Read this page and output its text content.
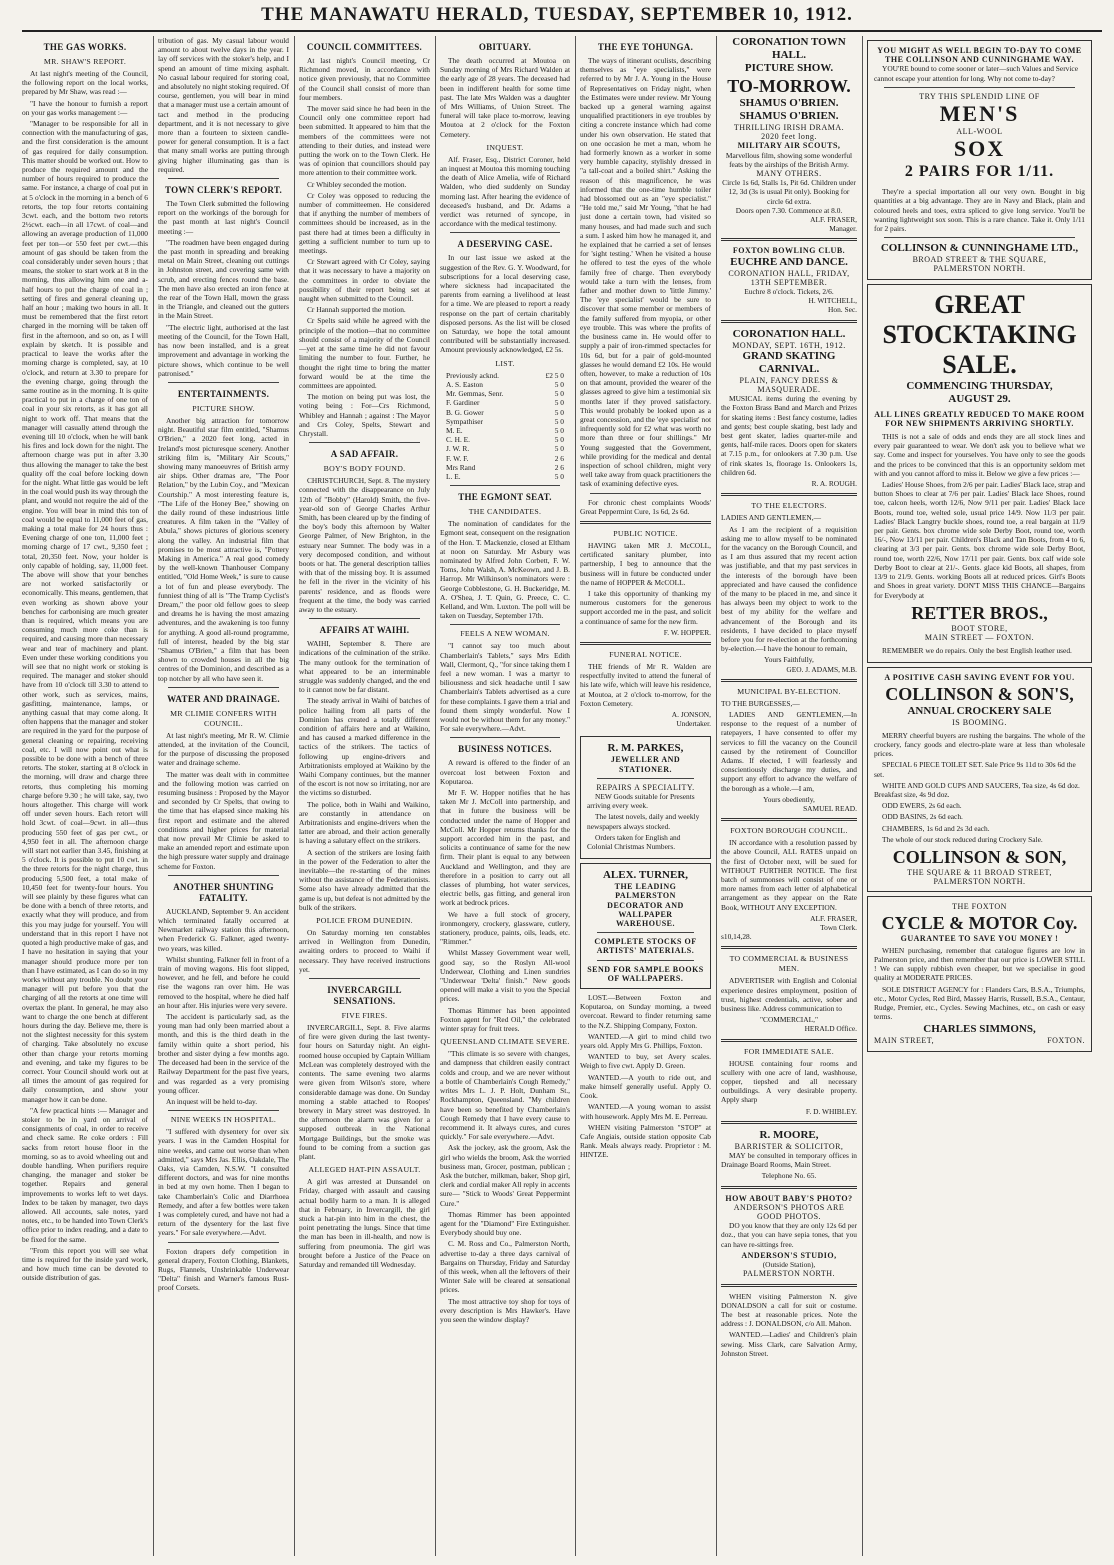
THE MANAWATU HERALD, TUESDAY, SEPTEMBER 10, 1912.
THE GAS WORKS.
MR. SHAW'S REPORT.

At last night's meeting of the Council, the following report on the local works, prepared by Mr Shaw, was read :—

"I have the honour to furnish a report on your gas works management :—

"Manager to be responsible for all in connection with the manufacturing of gas, and the first consideration is the amount of gas required for daily consumption. This matter should be worked out. How to produce the required amount and the number of hours required to produce the same. For instance, a charge of coal put in at 5 o'clock in the morning in a bench of 6 retorts, the top four retorts containing 3cwt. each, and the bottom two retorts 2½cwt. each—in all 17cwt. of coal—and allowing an average production of 11,000 feet per ton—or 550 feet per cwt.—this amount of gas should be taken from the coal considerably under seven hours ; that means, the stoker to start work at 8 in the morning, thus allowing him one and a-half hours to put the charge of coal in ; setting of fires and general cleaning up, half an hour ; making two hours in all. It must be remembered that the first retort charged in the morning will be taken off first in the afternoon, and so on, as I will explain by sketch. It is possible and practical to leave the works after the morning charge is completed, say, at 10 o'clock, and return at 3.30 to prepare for the evening charge, going through the same routine as in the morning. It is quite practical to put in a charge of one ton of coal in your six retorts, as it has got all night to work off. That means that the manager will casually attend through the evening till 10 o'clock, when he will bank his fires and lock down for the night. The afternoon charge was put in after 3.30 thus allowing the manager to take the best quality off the coal before locking down for the night. What little gas would be left in the coal would push its way through the plant, and would not require the aid of the engine. You will bear in mind this ton of coal would be equal to 11,000 feet of gas, making a total make for 24 hours thus : Evening charge of one ton, 11,000 feet ; morning charge of 17 cwt., 9,350 feet ; total, 20,350 feet. Now, your holder is only capable of holding, say, 11,000 feet. The above will show that your benches are not worked satisfactorily or economically. This means, gentlemen, that even working as shown above your benches for carbonising are much greater than is required, which means you are consuming much more coke than is required, and causing more than necessary wear and tear of machinery and plant. Even under these working conditions you will see that no night work or stoking is required. The manager and stoker should have from 10 o'clock till 3.30 to attend to other work, such as services, mains, gasfitting, maintenance, lamps, or anything casual that may come along. It often happens that the manager and stoker are required in the yard for the purpose of general cleaning or repairing, receiving coal, etc. I will now point out what is possible to be done with a bench of three retorts. The stoker, starting at 8 o'clock in the morning, will draw and charge three retorts, thus completing his morning charge before 9.30 ; he will take, say, two hours altogether. This charge will work off under seven hours. Each retort will hold 3cwt. of coal—9cwt. in all—thus producing 550 feet of gas per cwt., or 4,950 feet in all. The afternoon charge will start not earlier than 3.45, finishing at 5 o'clock. It is possible to put 10 cwt. in the three retorts for the night charge, thus producing 5,500 feet, a total make of 10,450 feet for twenty-four hours. You will see plainly by these figures what can be done with a bench of three retorts, and exactly what they will produce, and from this you may judge for yourself. You will understand that in this report I have not quoted a high productive make of gas, and I have no hesitation in saying that your manager should produce more per ton than I have estimated, as I can do so in my works without any trouble. No doubt your manager will put before you that the charging of all the retorts at one time will overtax the plant. In general, he may also want to charge the one bench at different hours during the day. Believe me, there is not the slightest necessity for this system of charging. Take absolutely no excuse other than charge your retorts morning and evening, and take my figures to be correct. Your Council should work out at all times the amount of gas required for daily consumption, and show your manager how it can be done.

"A few practical hints :— Manager and stoker to be in yard on arrival of consignments of coal, in order to receive and check same. Re coke orders : Fill sacks from retort house floor in the morning, so as to avoid wheeling out and double handling. When purifiers require changing, the manager and stoker be together. Repairs and general improvements to works left to wet days. Index to be taken by manager, two days allowed. All accounts, sale notes, yard notes, etc., to be handed into Town Clerk's office prior to index reading, and a date to be fixed for the same.

"From this report you will see what time is required for the inside yard work, and how much time can be devoted to outside distribution of gas.

tribution of gas. My casual labour would amount to about twelve days in the year. I lay off services with the stoker's help, and I spend an amount of time mixing asphalt. No casual labour required for storing coal, and absolutely no night stoking required. Of course, gentlemen, you will bear in mind that a manager must use a certain amount of tact and method in the producing department, and it is not necessary to give more than a fourteen to sixteen candle-power for general consumption. It is a fact that many small works are putting through giving higher illuminating gas than is required.

TOWN CLERK'S REPORT.

The Town Clerk submitted the following report on the workings of the borough for the past month at last night's Council meeting :—

"The roadmen have been engaged during the past month in spreading and breaking metal on Main Street, cleaning out cuttings in Johnston street, and covering same with scrub, and erecting fences round the base. The men have also erected an iron fence at the rear of the Town Hall, mown the grass in the Triangle, and cleaned out the gutters in the Main Street.

"The electric light, authorised at the last meeting of the Council, for the Town Hall, has now been installed, and is a great improvement and advantage in working the picture shows, which continue to be well patronised."

ENTERTAINMENTS.
PICTURE SHOW.

Another big attraction for tomorrow night. Beautiful star film entitled, "Shamus O'Brien," a 2020 feet long, acted in Ireland's most picturesque scenery. Another striking film is, "Military Air Scouts," showing many manoeuvres of British army air ships. Other dramas are, "The Poor Relation," by the Lubin Coy., and "Mexican Courtship." A most interesting feature is, "The Life of the Honey Bee," showing on the daily round of these industrious little creatures. A film taken in the "Valley of Abula," shows pictures of glorious scenery along the valley. An industrial film that promises to be most attractive is, "Pottery Making in America." A real good comedy by the well-known Thanhouser Company entitled, "Old Home Week," is sure to cause a lot of fun and please everybody. The funniest thing of all is "The Tramp Cyclist's Dream," the poor old fellow goes to sleep and dreams he is having the most amazing adventures, and the awakening is too funny for anything. A good all-round programme, full of interest, headed by the big star "Shamus O'Brien," a film that has been shown to crowded houses in all the big centres of the Dominion, and described as a top notcher by all who have seen it.

WATER AND DRAINAGE.
MR CLIMIE CONFERS WITH COUNCIL.

At last night's meeting, Mr R. W. Climie attended, at the invitation of the Council, for the purpose of discussing the proposed water and drainage scheme.

The matter was dealt with in committee and the following motion was carried on resuming business : Proposed by the Mayor and seconded by Cr Spelts, that owing to the time that has elapsed since making his first report and estimate and the altered conditions and higher prices for material that now prevail Mr Climie be asked to make an amended report and estimate upon the high pressure water supply and drainage scheme for Foxton.

ANOTHER SHUNTING FATALITY.

AUCKLAND, September 9. An accident which terminated fatally occurred at Newmarket railway station this afternoon, when Frederick G. Falkner, aged twenty-two years, was killed.

Whilst shunting, Falkner fell in front of a train of moving wagons. His foot slipped, however, and he fell, and before he could rise the wagons ran over him. He was removed to the hospital, where he died half an hour after. His injuries were very severe.

The accident is particularly sad, as the young man had only been married about a month, and this is the third death in the family within quite a short period, his brother and sister dying a few months ago. The deceased had been in the service of the Railway Department for the past five years, and was regarded as a very promising young officer.

An inquest will be held to-day.

NINE WEEKS IN HOSPITAL.

"I suffered with dysentery for over six years. I was in the Camden Hospital for nine weeks, and came out worse than when admitted," says Mrs Jas. Ellis, Oakdale, The Oaks, via Camden, N.S.W. "I consulted different doctors, and was for nine months in bed at my own home. Then I began to take Chamberlain's Colic and Diarrhoea Remedy, and after a few bottles were taken I was completely cured, and have not had a return of the dysentery for the last five years." For sale everywhere.—Advt.

Foxton drapers defy competition in general drapery, Foxton Clothing, Blankets, Rugs, Flannels, Unshrinkable Underwear "Delta" finish and Warner's famous Rust-proof Corsets.

COUNCIL COMMITTEES.

At last night's Council meeting, Cr Richmond moved, in accordance with notice given previously, that no Committee of the Council shall consist of more than four members.

The mover said since he had been in the Council only one committee report had been submitted. It appeared to him that the members of the committees were not attending to their duties, and instead were putting the work on to the Town Clerk. He was of opinion that councillors should pay more attention to their committee work.

Cr Whibley seconded the motion.

Cr Coley was opposed to reducing the number of committeemen. He considered that if anything the number of members of committees should be increased, as in the past there had at times been a difficulty in getting a sufficient number to turn up to meetings.

Cr Stewart agreed with Cr Coley, saying that it was necessary to have a majority on the committees in order to obviate the possibility of their report being set at naught when submitted to the Council.

Cr Hannah supported the motion.

Cr Spelts said while he agreed with the principle of the motion—that no committee should consist of a majority of the Council—yet at the same time he did not favour limiting the number to four. Further, he thought the right time to bring the matter forward would be at the time the committees are appointed.

The motion on being put was lost, the voting being : For—Crs Richmond, Whibley and Hannah ; against : The Mayor and Crs Coley, Spelts, Stewart and Chrystall.

A SAD AFFAIR.
BOY'S BODY FOUND.

CHRISTCHURCH, Sept. 8. The mystery connected with the disappearance on July 12th of "Bobby" (Harold) Smith, the five-year-old son of George Charles Arthur Smith, has been cleared up by the finding of the boy's body this afternoon by Walter George Palmer, of New Brighton, in the estuary near Sumner. The body was in a very decomposed condition, and without boots or hat. The general description tallies with that of the missing boy. It is assumed he fell in the river in the vicinity of his parents' residence, and as floods were frequent at the time, the body was carried away to the estuary.

AFFAIRS AT WAIHI.

WAIHI, September 8. There are indications of the culmination of the strike. The many outlook for the termination of what appeared to be an interminable struggle was suddenly changed, and the end to it cannot now be far distant.

The steady arrival in Waihi of batches of police hailing from all parts of the Dominion has created a totally different condition of affairs here and at Waikino, and has caused a marked difference in the tactics of the strikers. The tactics of following up engine-drivers and Arbitrationists employed at Waikino by the Waihi Company continues, but the manner of the escort is not now so irritating, nor are the victims so disturbed.

The police, both in Waihi and Waikino, are constantly in attendance on Arbitrationists and engine-drivers when the latter are abroad, and their action generally is having a salutary effect on the strikers.

A section of the strikers are losing faith in the power of the Federation to alter the inevitable—the re-starting of the mines without the assistance of the Federationists. Some also have already admitted that the game is up, but defeat is not admitted by the bulk of the strikers.

POLICE FROM DUNEDIN.

On Saturday morning ten constables arrived in Wellington from Dunedin, awaiting orders to proceed to Waihi if necessary. They have received instructions yet.

INVERCARGILL SENSATIONS.
FIVE FIRES.

INVERCARGILL, Sept. 8. Five alarms of fire were given during the last twenty-four hours on Saturday night. An eight-roomed house occupied by Captain William McLean was completely destroyed with the contents. The same evening two alarms were given from Wilson's store, where considerable damage was done. On Sunday morning a stable attached to Roopes' brewery in Mary street was destroyed. In the afternoon the alarm was given for a supposed outbreak in the National Mortgage Buildings, but the smoke was found to be coming from a suction gas plant.

ALLEGED HAT-PIN ASSAULT.

A girl was arrested at Dunsandel on Friday, charged with assault and causing actual bodily harm to a man. It is alleged that in February, in Invercargill, the girl stuck a hat-pin into him in the chest, the point penetrating the lungs. Since that time the man has been in ill-health, and now is suffering from pneumonia. The girl was brought before a Justice of the Peace on Saturday and remanded till Wednesday.

OBITUARY.

The death occurred at Moutoa on Sunday morning of Mrs Richard Walden at the early age of 28 years. The deceased had been in indifferent health for some time past. The late Mrs Walden was a daughter of Mrs Williams, of Union Street. The funeral will take place to-morrow, leaving Moutoa at 2 o'clock for the Foxton Cemetery.

INQUEST.

Alf. Fraser, Esq., District Coroner, held an inquest at Moutoa this morning touching the death of Alice Amelia, wife of Richard Walden, who died suddenly on Sunday morning last. After hearing the evidence of deceased's husband, and Dr. Adams a verdict was returned of syncope, in accordance with the medical testimony.

A DESERVING CASE.

In our last issue we asked at the suggestion of the Rev. G. Y. Woodward, for subscriptions for a local deserving case, where sickness had incapacitated the parents from earning a livelihood at least for a time. We are pleased to report a ready response on the part of certain charitably disposed persons. As the list will be closed on Saturday, we hope the total amount contributed will be substantially increased. Amount previously acknowledged, £2 5s.

LIST.
Previously acknd.	£2 5 0
A. S. Easton	5 0
Mr. Gemmas, Senr.	5 0
F. Gardiner	5 0
B. G. Gower	5 0
Sympathiser	5 0
M. E.	5 0
C. H. E.	5 0
J. W. R.	5 0
F. W. F.	2 6
Mrs Rand	2 6
L. E.	5 0
THE EGMONT SEAT.
THE CANDIDATES.

The nomination of candidates for the Egmont seat, consequent on the resignation of the Hon. T. Mackenzie, closed at Eltham at noon on Saturday. Mr Asbury was nominated by Alfred John Corbett, F. W. Toms, John Walsh, A. McKeown, and J. B. Harrop. Mr Wilkinson's nominators were : George Cobblestone, G. H. Buckeridge, M. A. O'Shea, J. T. Quin, G. Preece, C. C. Kelland, and Wm. Luxton. The poll will be taken on Tuesday, September 17th.

FEELS A NEW WOMAN.

"I cannot say too much about Chamberlain's Tablets," says Mrs Edith Wall, Clermont, Q., "for since taking them I feel a new woman. I was a martyr to biliousness and sick headache until I saw Chamberlain's Tablets advertised as a cure for these complaints. I gave them a trial and found them simply wonderful. Now I would not be without them for any money." For sale everywhere.—Advt.

BUSINESS NOTICES.

A reward is offered to the finder of an overcoat lost between Foxton and Koputaroa.

Mr F. W. Hopper notifies that he has taken Mr J. McColl into partnership, and that in future the business will be conducted under the name of Hopper and McColl. Mr Hopper returns thanks for the support accorded him in the past, and solicits a continuance of same for the new firm. Their plant is equal to any between Auckland and Wellington, and they are therefore in a position to carry out all classes of plumbing, hot water services, electric bells, gas fitting, and general iron work at bedrock prices.

We have a full stock of grocery, ironmongery, crockery, glassware, cutlery, stationery, produce, paints, oils, leads, etc. "Rimmer."

Whilst Massey Government wear well, good say, so the Roslyn All-wool Underwear, Clothing and Linen sundries "Underwear 'Delta' finish." New goods opened will make a visit to you the Special prices.

Thomas Rimmer has been appointed Foxton agent for "Red Oil," the celebrated winter spray for fruit trees.

QUEENSLAND CLIMATE SEVERE.

"This climate is so severe with changes, and dampness that children easily contract colds and croup, and we are never without a bottle of Chamberlain's Cough Remedy," writes Mrs L. J. P. Holt, Dunham St., Rockhampton, Queensland. "My children have been so benefited by Chamberlain's Cough Remedy that I have every cause to recommend it. It always cures, and cures quickly." For sale everywhere.—Advt.

Ask the jockey, ask the groom, Ask the girl who wields the broom, Ask the worried business man, Grocer, postman, publican ; Ask the butcher, milkman, baker, Shop girl, clerk and cordial maker All reply in accents sure— "Stick to Woods' Great Peppermint Cure."

Thomas Rimmer has been appointed agent for the "Diamond" Fire Extinguisher. Everybody should buy one.

C. M. Ross and Co., Palmerston North, advertise to-day a three days carnival of Bargains on Thursday, Friday and Saturday of this week, when all the leftovers of their Winter Sale will be cleared at sensational prices.

The most attractive toy shop for toys of every description is Mrs Hawker's. Have you seen the window display?

THE EYE TOHUNGA.

The ways of itinerant oculists, describing themselves as "eye specialists," were referred to by Mr J. A. Young in the House of Representatives on Friday night, when the Estimates were under review. Mr Young backed up a general warning against unqualified practitioners in eye troubles by citing a concrete instance which had come under his own observation. He stated that on one occasion he met a man, whom he had formerly known as a worker in some very humble capacity, stylishly dressed in "a tall-coat and a boiled shirt." Asking the reason of this magnificence, he was informed that the one-time humble toiler had blossomed out as an "eye specialist." "He told me," said Mr Young, "that he had just done a certain town, had visited so many houses, and had made such and such a sum. I asked him how he managed it, and he explained that he carried a set of lenses for 'sight testing.' When he visited a house he offered to test the eyes of the whole family free of charge. Then everybody would take a turn with the lenses, from father and mother down to 'little Jimmy.' The 'eye specialist' would be sure to discover that some member or members of the family suffered from myopia, or other eye trouble. This was where the profits of the business came in. He would offer to supply a pair of iron-rimmed spectacles for 10s 6d, but for a pair of gold-mounted glasses he would demand £2 10s. He would often, however, to make a reduction of 10s on that amount, provided the wearer of the glasses agreed to give him a testimonial six months later if they proved satisfactory. This would probably be looked upon as a great concession, and the 'eye specialist' not infrequently sold for £2 what was worth no more than three or four shillings." Mr Young suggested that the Government, while providing for the medical and dental inspection of school children, might very well take away from quack practitioners the task of examining defective eyes.

For chronic chest complaints Woods' Great Peppermint Cure, 1s 6d, 2s 6d.

PUBLIC NOTICE.

HAVING taken MR J. McCOLL, certificated sanitary plumber, into partnership, I beg to announce that the business will in future be conducted under the name of HOPPER & McCOLL.

I take this opportunity of thanking my numerous customers for the generous support accorded me in the past, and solicit a continuance of same for the new firm.

F. W. HOPPER.
FUNERAL NOTICE.

THE friends of Mr R. Walden are respectfully invited to attend the funeral of his late wife, which will leave his residence, at Moutoa, at 2 o'clock to-morrow, for the Foxton Cemetery.

A. JONSON,
Undertaker.
R. M. PARKES,
JEWELLER AND STATIONER.
REPAIRS A SPECIALITY.

NEW Goods suitable for Presents arriving every week.

The latest novels, daily and weekly newspapers always stocked.

Orders taken for English and Colonial Christmas Numbers.

ALEX. TURNER,
THE LEADING PALMERSTON
DECORATOR AND WALLPAPER
WAREHOUSE.
COMPLETE STOCKS OF
ARTISTS' MATERIALS.
SEND FOR SAMPLE BOOKS
OF WALLPAPERS.

LOST.—Between Foxton and Koputaroa, on Sunday morning, a tweed overcoat. Reward to finder returning same to the N.Z. Shipping Company, Foxton.

WANTED.—A girl to mind child two years old. Apply Mrs G. Phillips, Foxton.

WANTED to buy, set Avery scales. Weigh to five cwt. Apply D. Green.

WANTED.—A youth to ride out, and make himself generally useful. Apply O. Cook.

WANTED.—A young woman to assist with housework. Apply Mrs M. E. Perreau.

WHEN visiting Palmerston "STOP" at Cafe Angiais, outside station opposite Cab Rank. Meals always ready. Proprietor : M. HINTZE.

CORONATION TOWN HALL.
PICTURE SHOW.
TO-MORROW.
SHAMUS O'BRIEN.
SHAMUS O'BRIEN.
THRILLING IRISH DRAMA.
2020 feet long.
MILITARY AIR SCOUTS,
Marvellous film, showing some wonderful feats by the airships of the British Army.
MANY OTHERS.
Circle 1s 6d, Stalls 1s, Pit 6d. Children under 12, 3d (3s is usual Pit only). Booking for circle 6d extra.
Doors open 7.30. Commence at 8.0.
ALF. FRASER,
Manager.
FOXTON BOWLING CLUB.
EUCHRE AND DANCE.
CORONATION HALL, FRIDAY, 13TH SEPTEMBER.
Euchre 8 o'clock. Tickets, 2/6.
H. WITCHELL,
Hon. Sec.
CORONATION HALL.
MONDAY, SEPT. 16TH, 1912.
GRAND SKATING CARNIVAL.
PLAIN, FANCY DRESS & MASQUERADE.

MUSICAL items during the evening by the Foxton Brass Band and March and Prizes for skating items : Best fancy costume, ladies and gents; best couple skating, best lady and best gent skater, ladies quarter-mile and gents, half-mile races. Doors open for skaters at 7.15 p.m., for onlookers at 7.30 p.m. Use of rink skates 1s, floorage 1s. Onlookers 1s, children 6d.

R. A. ROUGH.
TO THE ELECTORS.

LADIES AND GENTLEMEN,—

As I am the recipient of a requisition asking me to allow myself to be nominated for the vacancy on the Borough Council, and as I am thus assured that my recent action was justifiable, and that my past services in the interests of the borough have been appreciated and have caused the confidence of the many to be placed in me, and since it has always been my object to work to the best of my ability for the welfare and advancement of the Borough and its residents, I have decided to place myself before you for re-election at the forthcoming by-election.—I have the honour to remain,

Yours Faithfully,
GEO. J. ADAMS, M.B.
MUNICIPAL BY-ELECTION.

TO THE BURGESSES,—

LADIES AND GENTLEMEN,—In response to the request of a number of ratepayers, I have consented to offer my services to fill the vacancy on the Council caused by the retirement of Councillor Adams. If elected, I will fearlessly and conscientiously discharge my duties, and support any effort to advance the welfare of the borough as a whole.—I am,

Yours obediently,
SAMUEL READ.
FOXTON BOROUGH COUNCIL.

IN accordance with a resolution passed by the above Council, ALL RATES unpaid on the first of October next, will be sued for WITHOUT FURTHER NOTICE. The first batch of summonses will consist of one or more names from each letter of alphabetical arrangement as they appear on the Rate Book, WITHOUT ANY EXCEPTION.

ALF. FRASER,
Town Clerk.
s10,14,28.
TO COMMERCIAL & BUSINESS MEN.

ADVERTISER with English and Colonial experience desires employment, position of trust, highest credentials, active, sober and business like. Address communication to

"COMMERCIAL,"
HERALD Office.
FOR IMMEDIATE SALE.

HOUSE containing four rooms and scullery with one acre of land, washhouse, copper, tiepshed and all necessary outbuildings. A very desirable property. Apply sharp

F. D. WHIBLEY.
R. MOORE,
BARRISTER & SOLICITOR,

MAY be consulted in temporary offices in Drainage Board Rooms, Main Street.

Telephone No. 65.
HOW ABOUT BABY'S PHOTO?
ANDERSON'S PHOTOS ARE GOOD PHOTOS.

DO you know that they are only 12s 6d per doz., that you can have sepia tones, that you can have re-sittings free.

ANDERSON'S STUDIO,
(Outside Station),
PALMERSTON NORTH.

WHEN visiting Palmerston N. give DONALDSON a call for suit or costume. The best at reasonable prices. Note the address : J. DONALDSON, c/o All. Mahon.

WANTED.—Ladies' and Children's plain sewing. Miss Clark, care Salvation Army, Johnston Street.

YOU MIGHT AS WELL BEGIN TO-DAY TO COME THE COLLINSON AND CUNNINGHAME WAY.

YOU'RE bound to come sooner or later—such Values and Service cannot escape your attention for long. Why not come to-day?

TRY THIS SPLENDID LINE OF
MEN'S
ALL-WOOL
SOX
2 PAIRS FOR 1/11.

They're a special importation all our very own. Bought in big quantities at a big advantage. They are in Navy and Black, plain and coloured heels and toes, extra spliced to give long service. You'll be wanting lightweight sox soon. This is a rare chance. Take it. Only 1/11 for 2 pairs.

COLLINSON & CUNNINGHAME LTD.,
BROAD STREET & THE SQUARE,
PALMERSTON NORTH.
GREAT STOCKTAKING SALE.
COMMENCING THURSDAY,
AUGUST 29.
ALL LINES GREATLY REDUCED TO MAKE ROOM FOR NEW SHIPMENTS ARRIVING SHORTLY.

THIS is not a sale of odds and ends they are all stock lines and every pair guaranteed to wear. We don't ask you to believe what we say. Come and inspect for yourselves. You have only to see the goods and the prices to be convinced that this is an opportunity seldom met with and you cannot afford to miss it. Below we give a few prices :—

Ladies' House Shoes, from 2/6 per pair. Ladies' Black lace, strap and button Shoes to clear at 7/6 per pair. Ladies' Black lace Shoes, round toe, calcon heels, worth 12/6, Now 9/11 per pair. Ladies' Black lace Boots, round toe, welted sole, usual price 14/9. Now 11/3 per pair. Ladies' Black Langtry buckle shoes, round toe, a real bargain at 11/9 per pair. Gents. box chrome wide sole Derby Boot, round toe, worth 16/-, Now 13/11 per pair. Children's Black and Tan Boots, from 4 to 6, clearing at 3/3 per pair. Gents. box chrome wide sole Derby Boot, round toe, worth 22/6, Now 17/11 per pair. Gents. box calf wide sole Derby Boot to clear at 21/-. Gents. glace kid Boots, all shapes, from 13/9 to 21/9. Gents. working Boots all at reduced prices. Girl's Boots and Shoes in great variety. DON'T MISS THIS CHANCE—Bargains for Everybody at

RETTER BROS.,
BOOT STORE,
MAIN STREET — FOXTON.

REMEMBER we do repairs. Only the best English leather used.

A POSITIVE CASH SAVING EVENT FOR YOU.
COLLINSON & SON'S,
ANNUAL CROCKERY SALE
IS BOOMING.

MERRY cheerful buyers are rushing the bargains. The whole of the crockery, fancy goods and electro-plate ware at less than wholesale prices.

SPECIAL 6 PIECE TOILET SET. Sale Price 9s 11d to 30s 6d the set.

WHITE AND GOLD CUPS AND SAUCERS, Tea size, 4s 6d doz. Breakfast size, 4s 9d doz.

ODD EWERS, 2s 6d each.

ODD BASINS, 2s 6d each.

CHAMBERS, 1s 6d and 2s 3d each.

The whole of our stock reduced during Crockery Sale.

COLLINSON & SON,
THE SQUARE & 11 BROAD STREET,
PALMERSTON NORTH.
THE FOXTON
CYCLE & MOTOR Coy.
GUARANTEE TO SAVE YOU MONEY !

WHEN purchasing, remember that catalogue figures are low in Palmerston price, and then remember that our price is LOWER STILL ! We can supply rubbish even cheaper, but we specialise in good quality at MODERATE PRICES.

SOLE DISTRICT AGENCY for : Flanders Cars, B.S.A., Triumphs, etc., Motor Cycles, Red Bird, Massey Harris, Russell, B.S.A., Centaur, Rudge, Premier, etc., Cycles. Sewing Machines, etc., on cash or easy terms.

CHARLES SIMMONS,
MAIN STREET,	FOXTON.
